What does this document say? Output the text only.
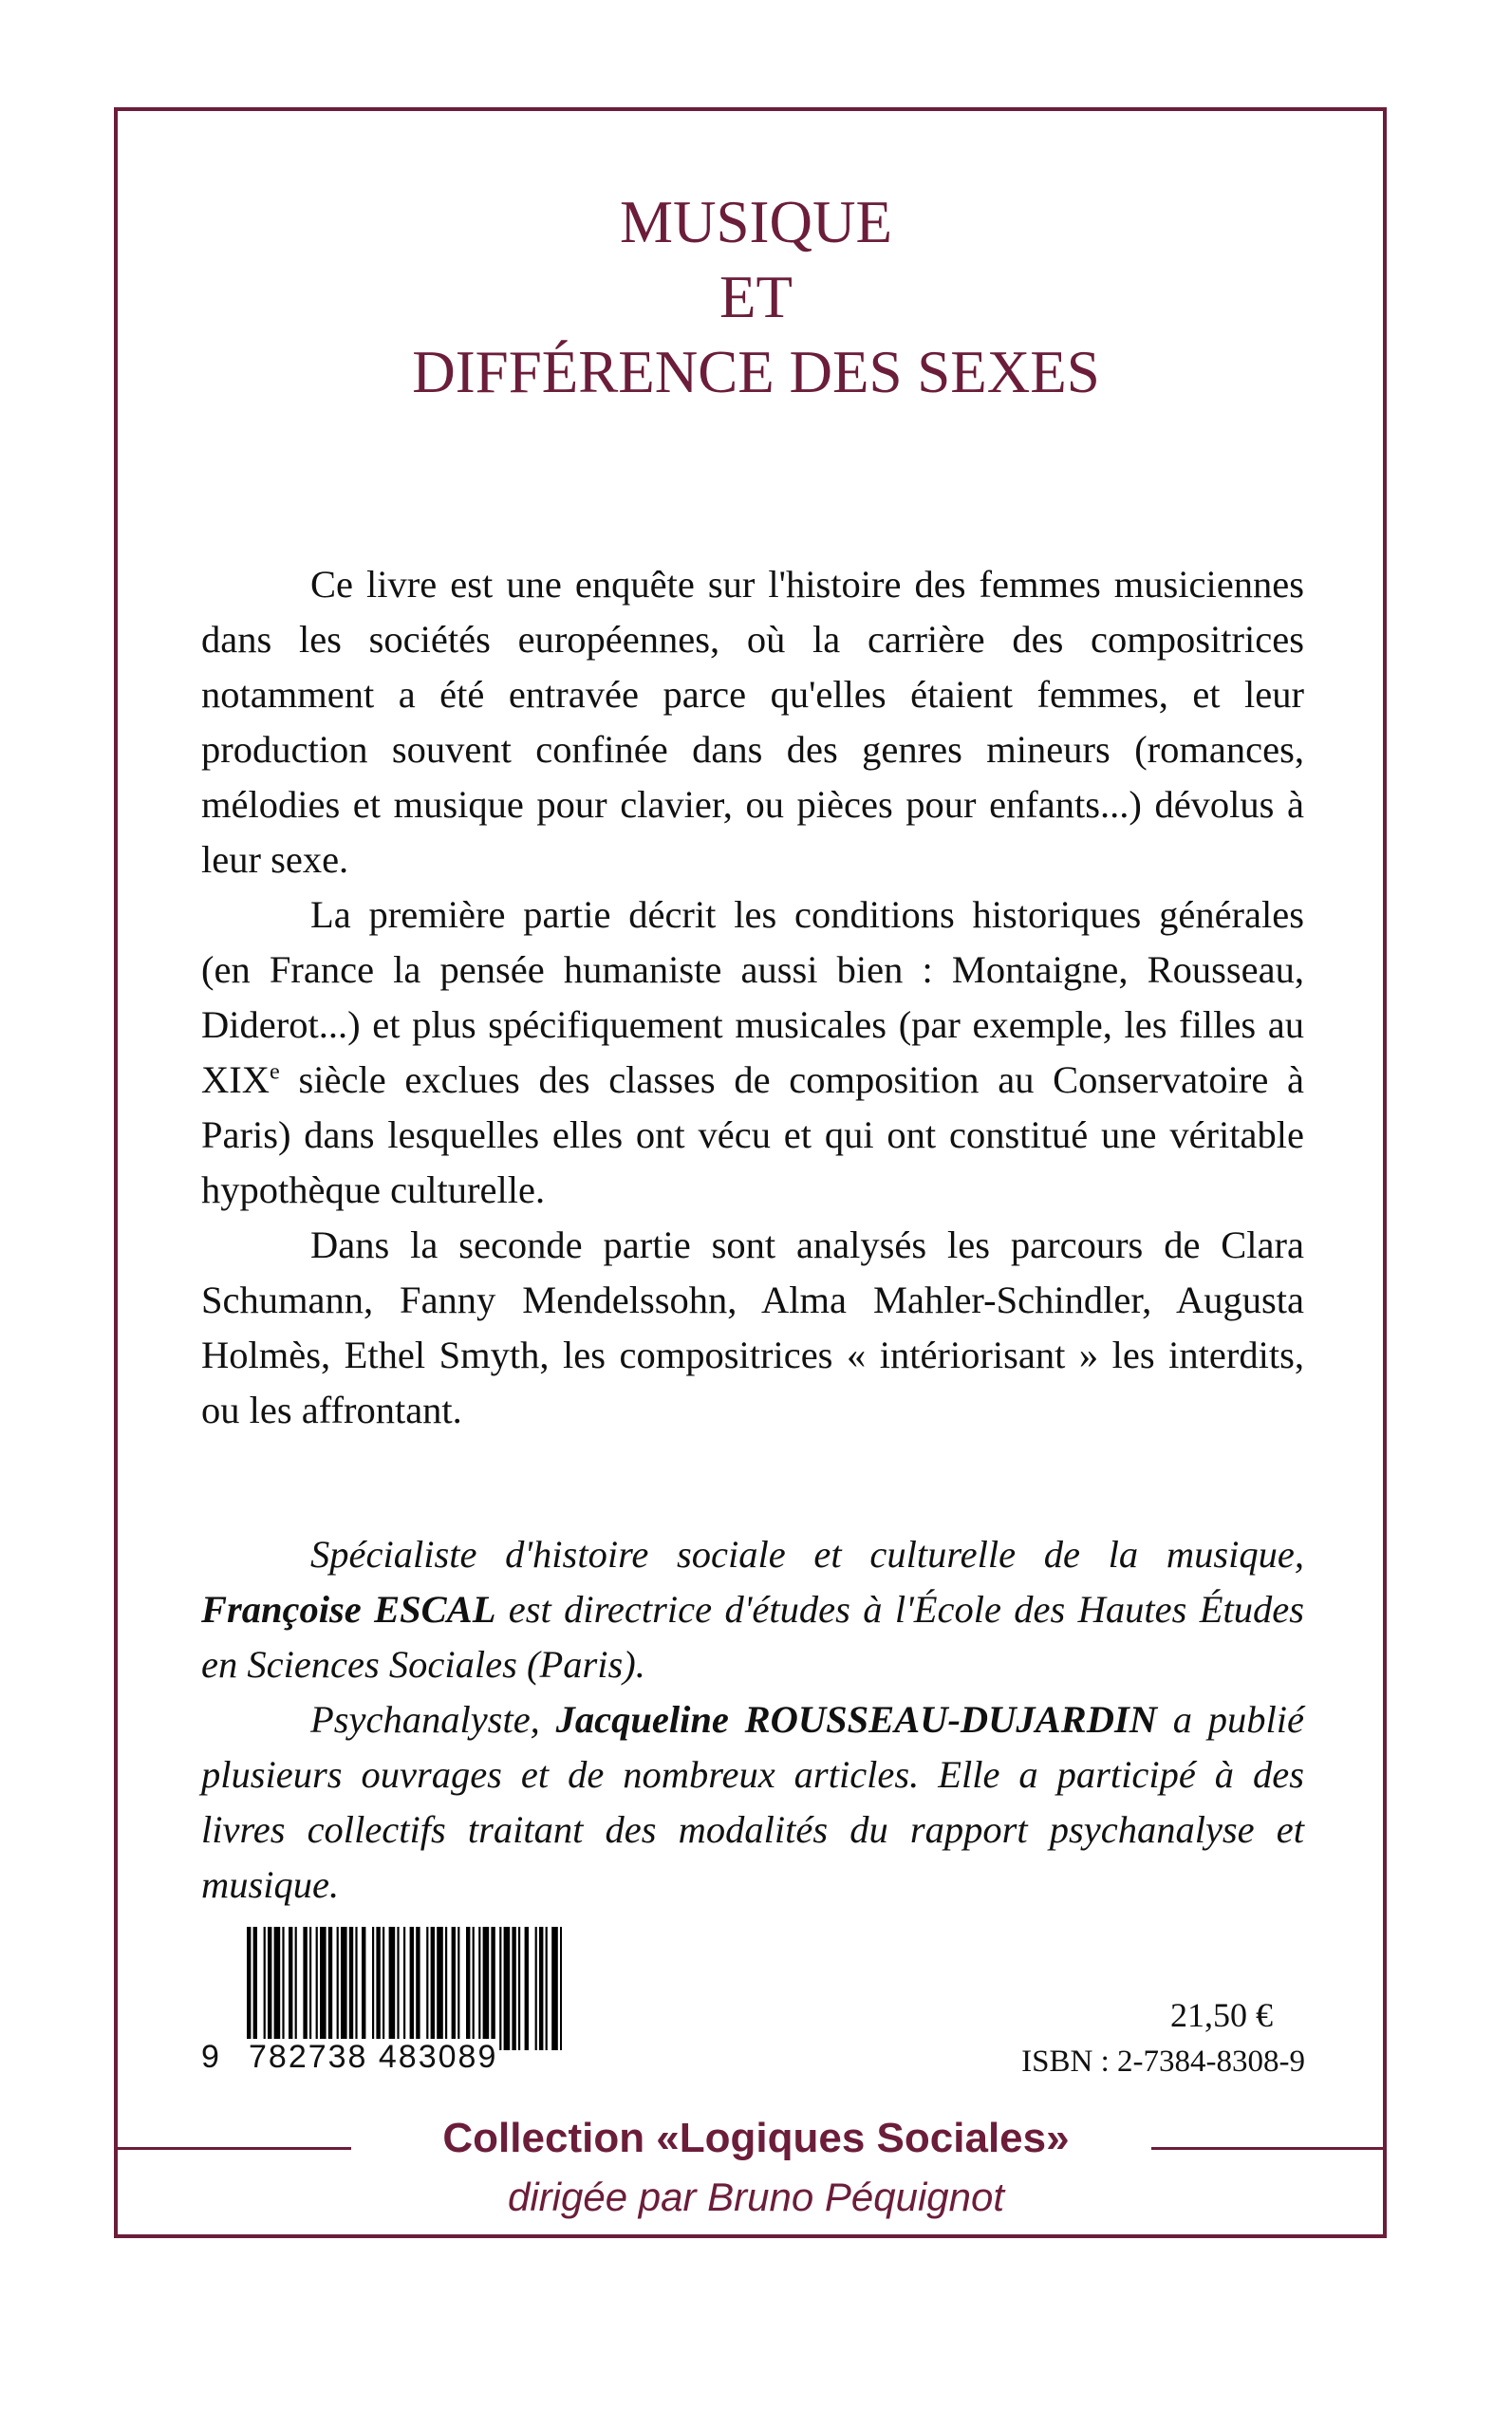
MUSIQUE
ET
DIFFÉRENCE DES SEXES

Ce livre est une enquête sur l'histoire des femmes musiciennes dans les sociétés européennes, où la carrière des compositrices notamment a été entravée parce qu'elles étaient femmes, et leur production souvent confinée dans des genres mineurs (romances, mélodies et musique pour clavier, ou pièces pour enfants...) dévolus à leur sexe.

La première partie décrit les conditions historiques générales (en France la pensée humaniste aussi bien : Montaigne, Rousseau, Diderot...) et plus spécifiquement musicales (par exemple, les filles au XIXe siècle exclues des classes de composition au Conservatoire à Paris) dans lesquelles elles ont vécu et qui ont constitué une véritable hypothèque culturelle.

Dans la seconde partie sont analysés les parcours de Clara Schumann, Fanny Mendelssohn, Alma Mahler-Schindler, Augusta Holmès, Ethel Smyth, les compositrices « intériorisant » les interdits, ou les affrontant.

Spécialiste d'histoire sociale et culturelle de la musique, Françoise ESCAL est directrice d'études à l'École des Hautes Études en Sciences Sociales (Paris).

Psychanalyste, Jacqueline ROUSSEAU-DUJARDIN a publié plusieurs ouvrages et de nombreux articles. Elle a participé à des livres collectifs traitant des modalités du rapport psychanalyse et musique.

9 782738 483089
21,50 €
ISBN : 2-7384-8308-9
Collection «Logiques Sociales»
dirigée par Bruno Péquignot
